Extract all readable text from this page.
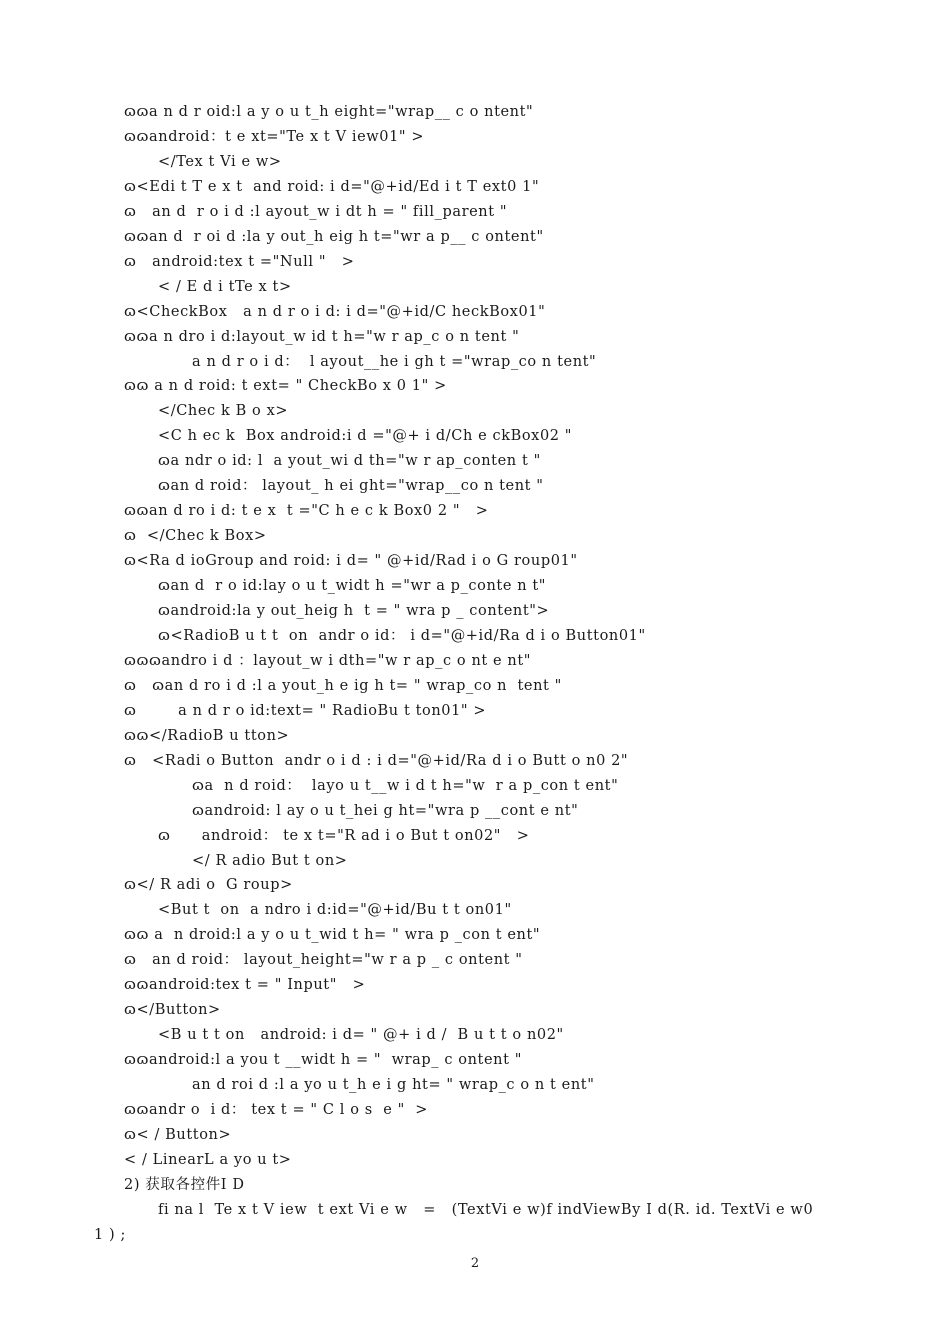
ɷɷa n d r oid:l a y o u t_h eight="wrap__ c o ntent"
ɷɷandroid：t e xt="Te x t V iew01" >
</Tex t Vi e w>
ɷ<Edi t T e x t  and roid: i d="@+id/Ed i t T ext0 1"
ɷ   an d  r o i d :l ayout_w i dt h = " fill_parent "
ɷɷan d  r oi d :la y out_h eig h t="wr a p__ c ontent"
ɷ   android:tex t ="Null "   >
< / E d i tTe x t>
ɷ<CheckBox   a n d r o i d: i d="@+id/C heckBox01"
ɷɷa n dro i d:layout_w id t h="w r ap_c o n tent "
a n d r o i d：  l ayout__he i gh t ="wrap_co n tent"
ɷɷ a n d roid: t ext= " CheckBo x 0 1" >
</Chec k B o x>
<C h ec k  Box android:i d ="@+ i d/Ch e ckBox02 "
ɷa ndr o id: l  a yout_wi d th="w r ap_conten t "
ɷan d roid： layout_ h ei ght="wrap__co n tent "
ɷɷan d ro i d: t e x  t ="C h e c k Box0 2 "   >
ɷ  </Chec k Box>
ɷ<Ra d ioGroup and roid: i d= " @+id/Rad i o G roup01"
ɷan d  r o id:lay o u t_widt h ="wr a p_conte n t"
ɷandroid:la y out_heig h  t = " wra p _ content">
ɷ<RadioB u t t  on  andr o id： i d="@+id/Ra d i o Button01"
ɷɷɷandro i d ：layout_w i dth="w r ap_c o nt e nt"
ɷ   ɷan d ro i d :l a yout_h e ig h t= " wrap_co n  tent "
ɷ        a n d r o id:text= " RadioBu t ton01" >
ɷɷ</RadioB u tton>
ɷ   <Radi o Button  andr o i d : i d="@+id/Ra d i o Butt o n0 2"
ɷa  n d roid：  layo u t__w i d t h="w  r a p_con t ent"
ɷandroid: l ay o u t_hei g ht="wra p __cont e nt"
ɷ      android： te x t="R ad i o But t on02"   >
</ R adio But t on>
ɷ</ R adi o  G roup>
<But t  on  a ndro i d:id="@+id/Bu t t on01"
ɷɷ a  n droid:l a y o u t_wid t h= " wra p _con t ent"
ɷ   an d roid： layout_height="w r a p _ c ontent "
ɷɷandroid:tex t = " Input"   >
ɷ</Button>
<B u t t on   android: i d= " @+ i d /  B u t t o n02"
ɷɷandroid:l a you t __widt h = "  wrap_ c ontent "
an d roi d :l a yo u t_h e i g ht= " wrap_c o n t ent"
ɷɷandr o  i d： tex t = " C l o s  e "  >
ɷ< / Button>
< / LinearL a yo u t>
2) 获取各控件I D
fi na l  Te x t V iew  t ext Vi e w   =   (TextVi e w)f indViewBy I d(R. id. TextVi e w0
1 ) ;
2
